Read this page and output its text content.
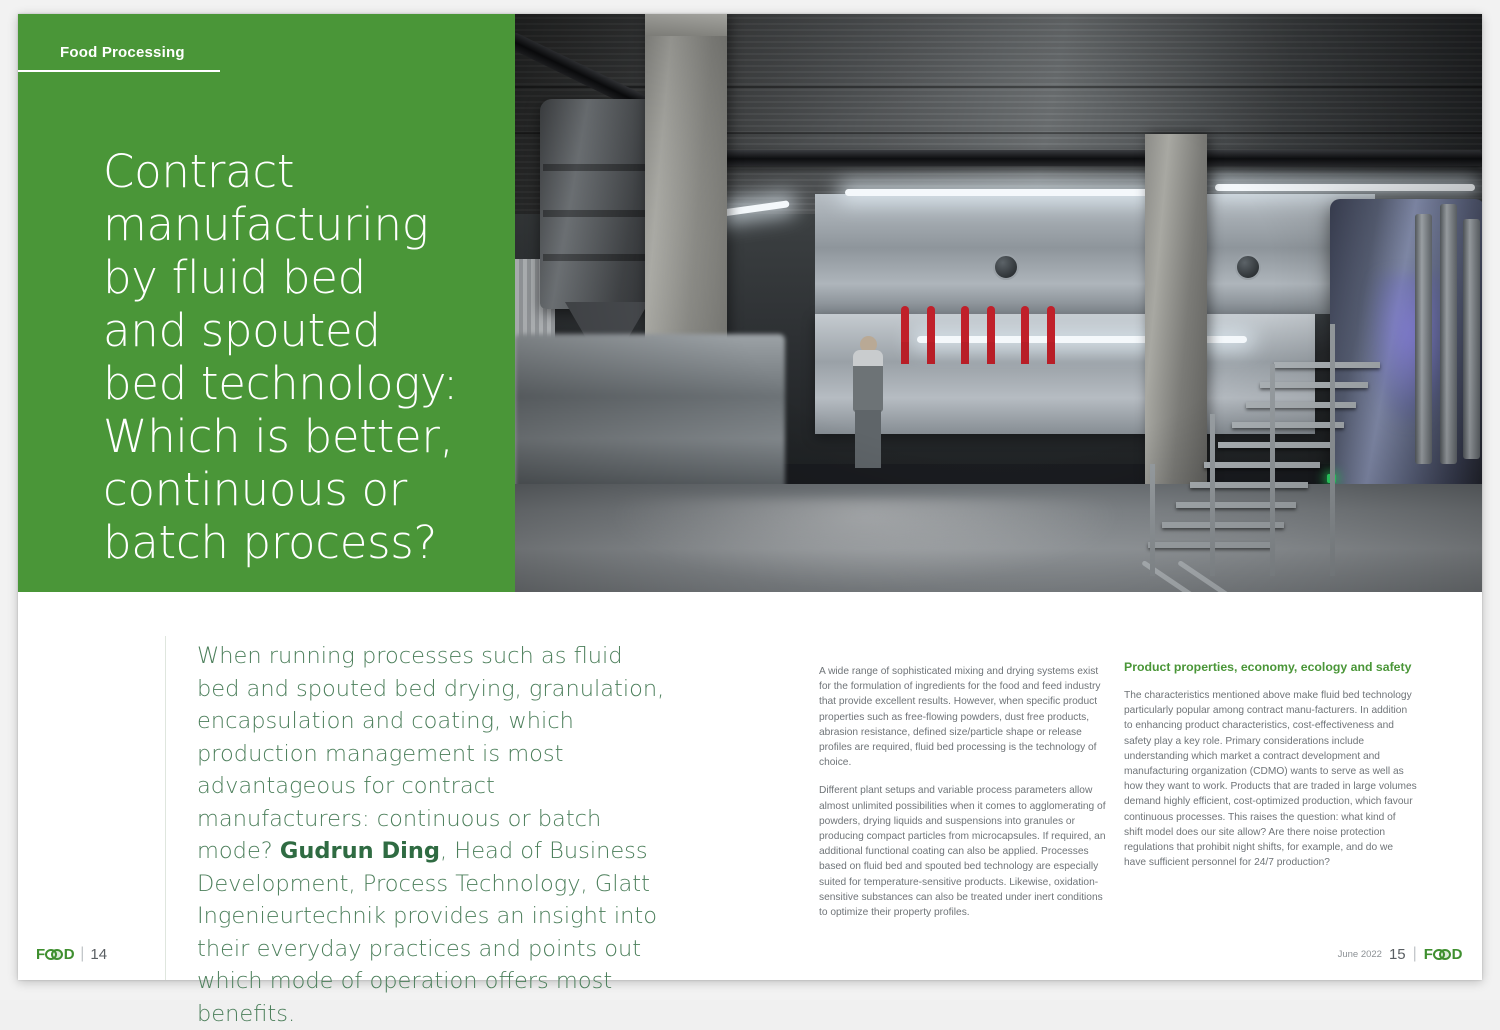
Food Processing
Contract
manufacturing
by fluid bed
and spouted
bed technology:
Which is better,
continuous or
batch process?
When running processes such as fluid bed and spouted bed drying, granulation, encapsulation and coating, which production management is most advantageous for contract manufacturers: continuous or batch mode? Gudrun Ding, Head of Business Development, Process Technology, Glatt Ingenieurtechnik provides an insight into their everyday practices and points out which mode of operation offers most benefits.

A wide range of sophisticated mixing and drying systems exist for the formulation of ingredients for the food and feed industry that provide excellent results. However, when specific product properties such as free-flowing powders, dust free products, abrasion resistance, defined size/particle shape or release profiles are required, fluid bed processing is the technology of choice.

Different plant setups and variable process parameters allow almost unlimited possibilities when it comes to agglomerating of powders, drying liquids and suspensions into granules or producing compact particles from microcapsules. If required, an additional functional coating can also be applied. Processes based on fluid bed and spouted bed technology are especially suited for temperature-sensitive products. Likewise, oxidation-sensitive substances can also be treated under inert conditions to optimize their property profiles.

Product properties, economy, ecology and safety

The characteristics mentioned above make fluid bed technology particularly popular among contract manu-facturers. In addition to enhancing product characteristics, cost-effectiveness and safety play a key role. Primary considerations include understanding which market a contract development and manufacturing organization (CDMO) wants to serve as well as how they want to work. Products that are traded in large volumes demand highly efficient, cost-optimized production, which favour continuous processes. This raises the question: what kind of shift model does our site allow? Are there noise protection regulations that prohibit night shifts, for example, and do we have sufficient personnel for 24/7 production?

F D | 14	June 2022 15 | F D
